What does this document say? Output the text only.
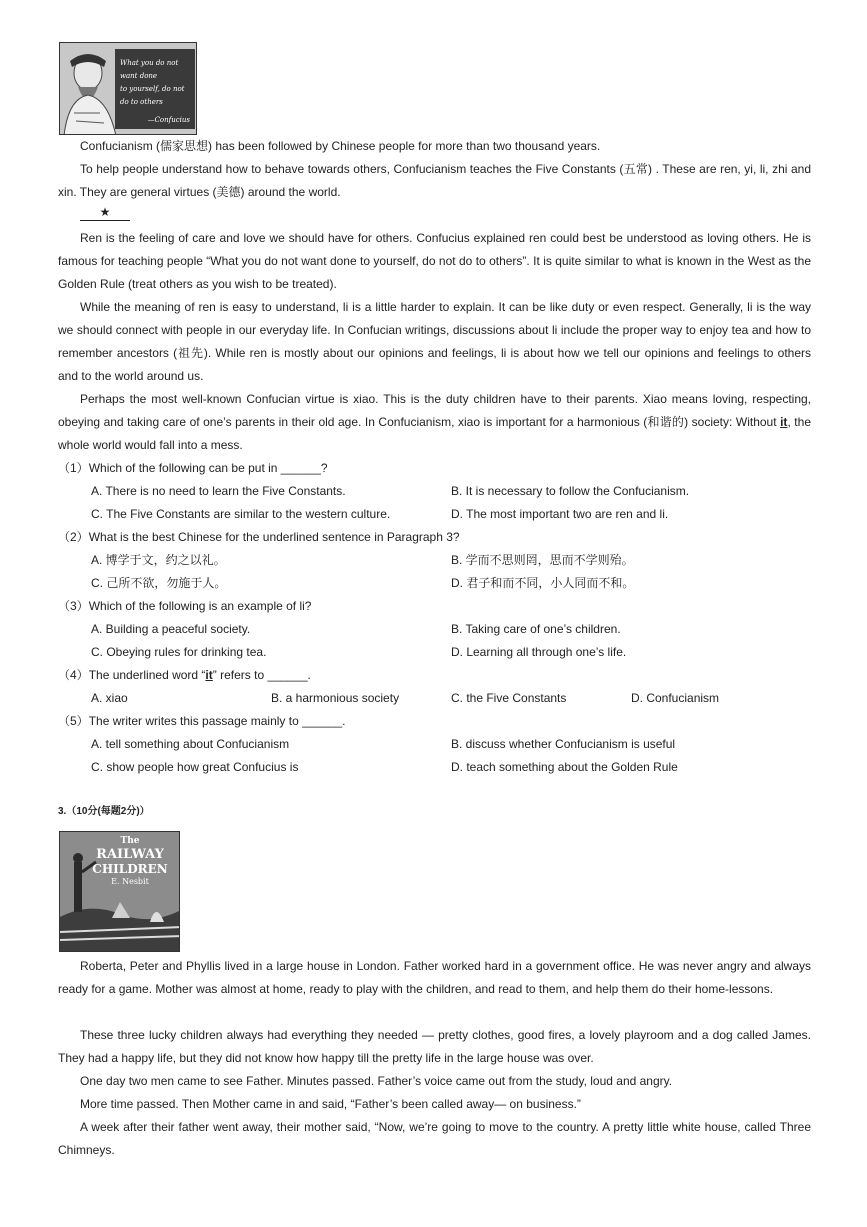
What you do not want done
to yourself, do not do to others
—Confucius

Confucianism (儒家思想) has been followed by Chinese people for more than two thousand years.

To help people understand how to behave towards others, Confucianism teaches the Five Constants (五常) . These are ren, yi, li, zhi and xin. They are general virtues (美德) around the world.

★

Ren is the feeling of care and love we should have for others. Confucius explained ren could best be understood as loving others. He is famous for teaching people “What you do not want done to yourself, do not do to others”. It is quite similar to what is known in the West as the Golden Rule (treat others as you wish to be treated).

While the meaning of ren is easy to understand, li is a little harder to explain. It can be like duty or even respect. Generally, li is the way we should connect with people in our everyday life. In Confucian writings, discussions about li include the proper way to enjoy tea and how to remember ancestors (祖先). While ren is mostly about our opinions and feelings, li is about how we tell our opinions and feelings to others and to the world around us.

Perhaps the most well-known Confucian virtue is xiao. This is the duty children have to their parents. Xiao means loving, respecting, obeying and taking care of one’s parents in their old age. In Confucianism, xiao is important for a harmonious (和谐的) society: Without it, the whole world would fall into a mess.

（1）Which of the following can be put in ______?
A. There is no need to learn the Five Constants.	B. It is necessary to follow the Confucianism.
C. The Five Constants are similar to the western culture.	D. The most important two are ren and li.
（2）What is the best Chinese for the underlined sentence in Paragraph 3?
A. 博学于文，约之以礼。	B. 学而不思则罔，思而不学则殆。
C. 己所不欲，勿施于人。	D. 君子和而不同，小人同而不和。
（3）Which of the following is an example of li?
A. Building a peaceful society.	B. Taking care of one’s children.
C. Obeying rules for drinking tea.	D. Learning all through one’s life.
（4）The underlined word “it” refers to ______.
A. xiao	B. a harmonious society	C. the Five Constants	D. Confucianism
（5）The writer writes this passage mainly to ______.
A. tell something about Confucianism	B. discuss whether Confucianism is useful
C. show people how great Confucius is	D. teach something about the Golden Rule
3.（10分(每题2分)）
The
RAILWAY
CHILDREN
E. Nesbit

Roberta, Peter and Phyllis lived in a large house in London. Father worked hard in a government office. He was never angry and always ready for a game. Mother was almost at home, ready to play with the children, and read to them, and help them do their home-lessons.

These three lucky children always had everything they needed — pretty clothes, good fires, a lovely playroom and a dog called James. They had a happy life, but they did not know how happy till the pretty life in the large house was over.

One day two men came to see Father. Minutes passed. Father’s voice came out from the study, loud and angry.

More time passed. Then Mother came in and said, “Father’s been called away— on business.”

A week after their father went away, their mother said, “Now, we’re going to move to the country. A pretty little white house, called Three Chimneys.
